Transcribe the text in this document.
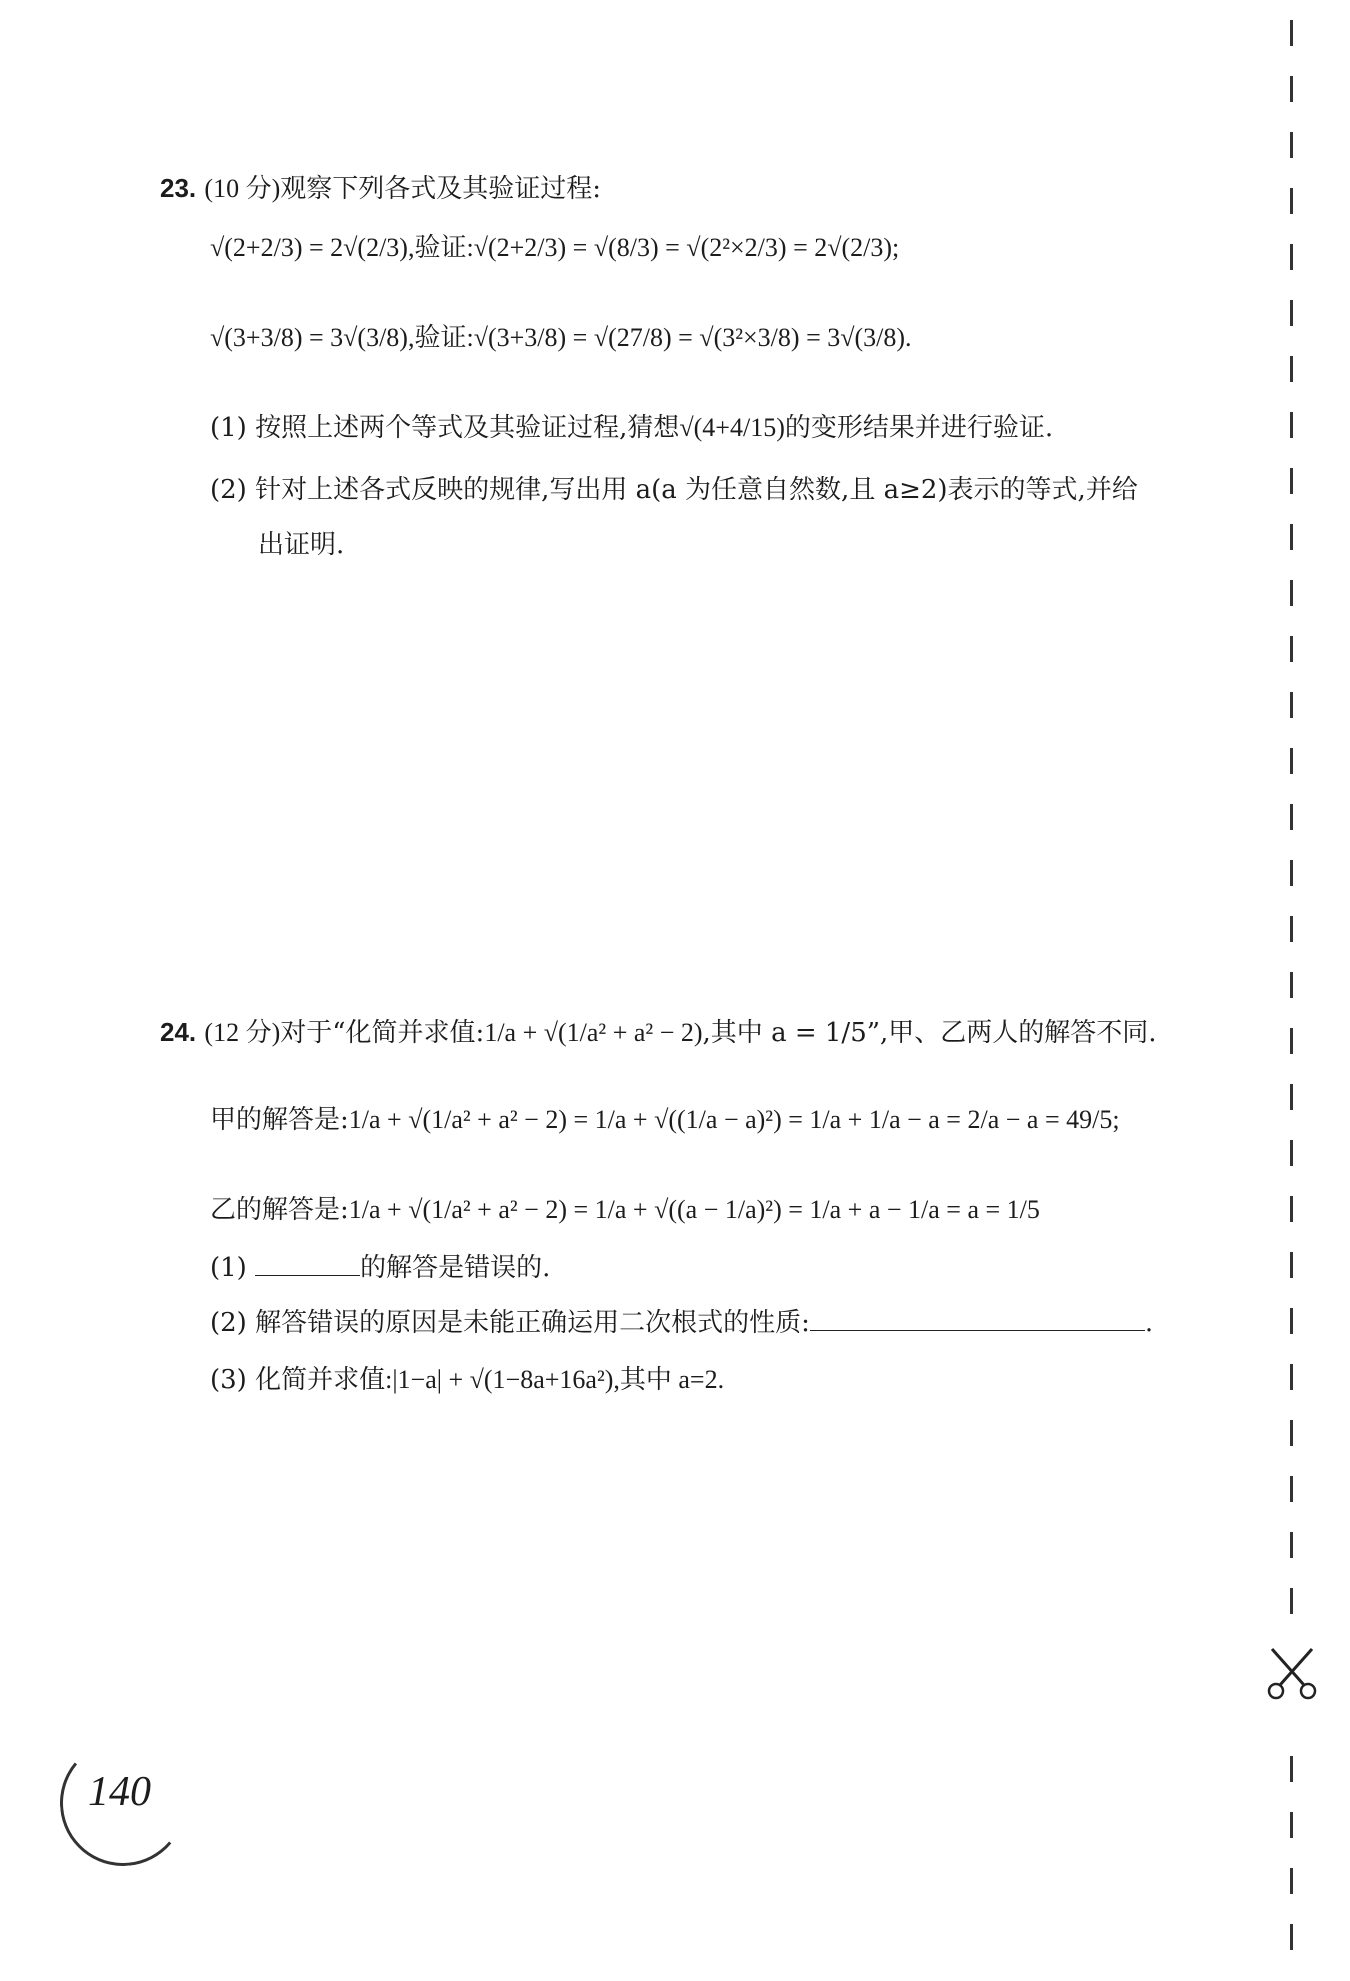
23. (10 分)观察下列各式及其验证过程:
√(2+2/3) = 2√(2/3),验证:√(2+2/3) = √(8/3) = √(2²×2/3) = 2√(2/3);
√(3+3/8) = 3√(3/8),验证:√(3+3/8) = √(27/8) = √(3²×3/8) = 3√(3/8).
(1) 按照上述两个等式及其验证过程,猜想√(4+4/15)的变形结果并进行验证.
(2) 针对上述各式反映的规律,写出用 a(a 为任意自然数,且 a≥2)表示的等式,并给
出证明.
24. (12 分)对于“化简并求值:1/a + √(1/a² + a² − 2),其中 a = 1/5”,甲、乙两人的解答不同.
甲的解答是:1/a + √(1/a² + a² − 2) = 1/a + √((1/a − a)²) = 1/a + 1/a − a = 2/a − a = 49/5;
乙的解答是:1/a + √(1/a² + a² − 2) = 1/a + √((a − 1/a)²) = 1/a + a − 1/a = a = 1/5
(1)	的解答是错误的.
(2) 解答错误的原因是未能正确运用二次根式的性质:	.
(3) 化简并求值:|1−a| + √(1−8a+16a²),其中 a=2.
140
